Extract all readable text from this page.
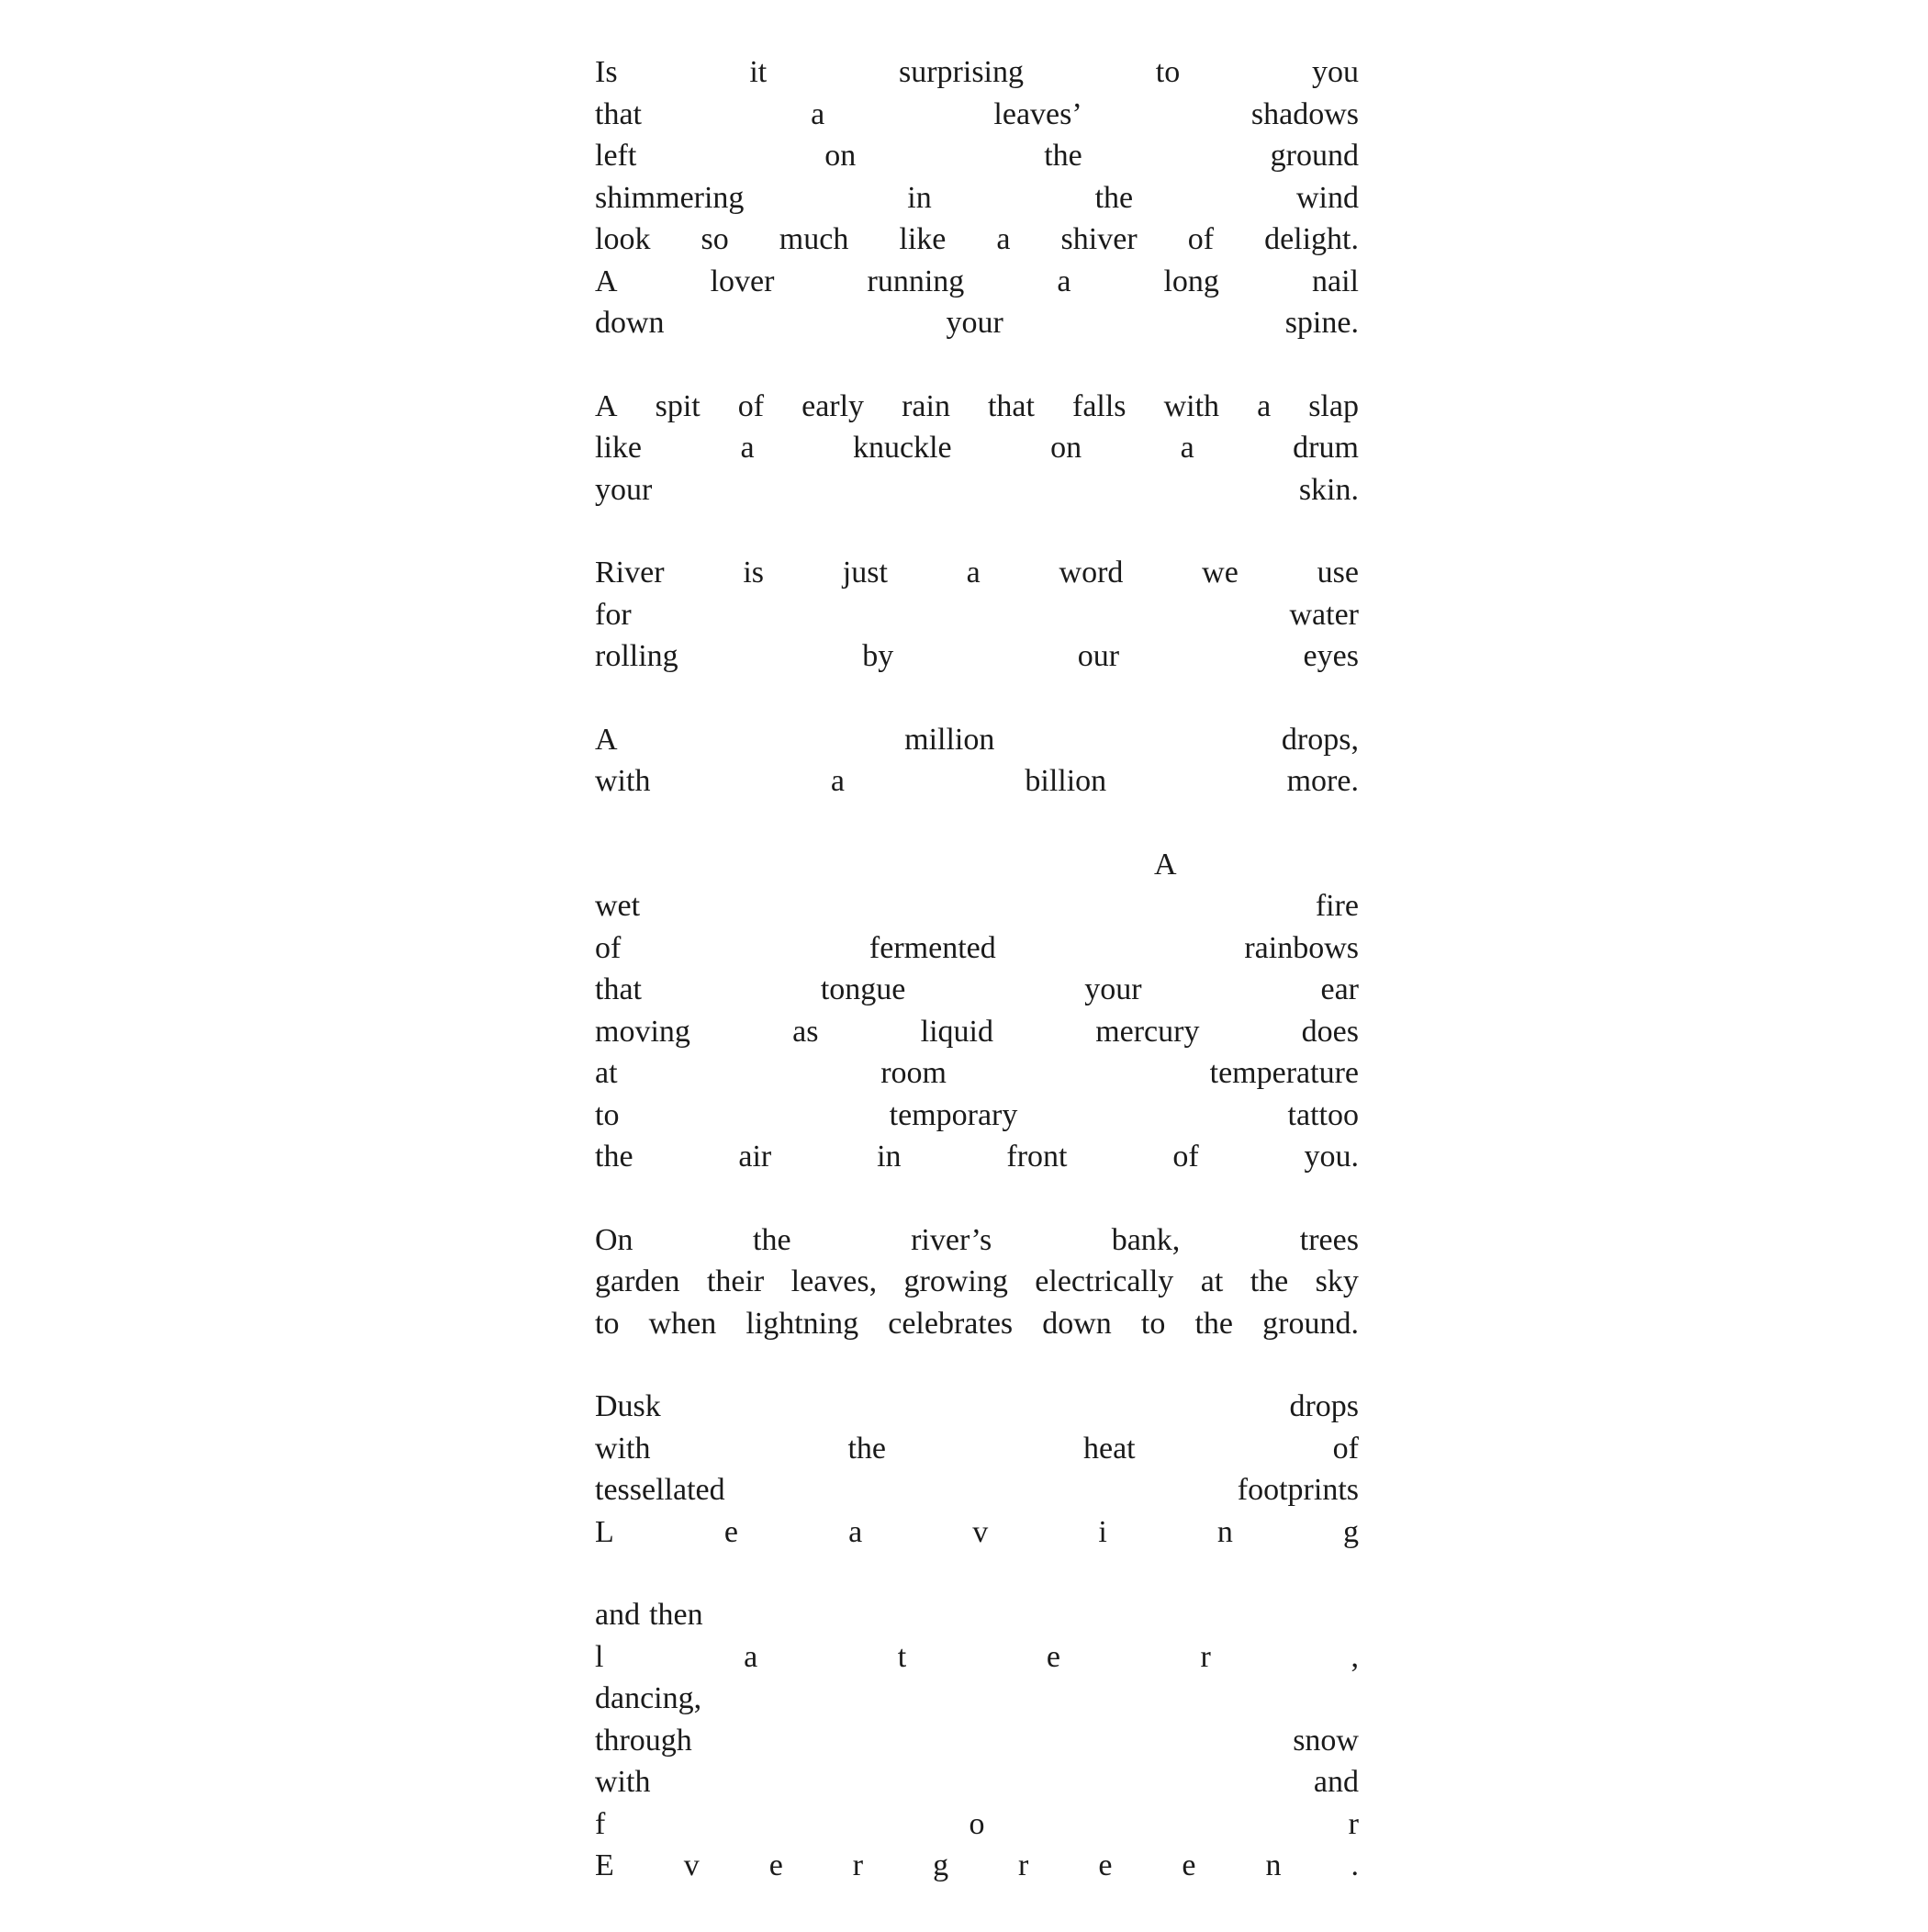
Is	it	surprising	to	you
that	a	leaves’	shadows
left	on	the	ground
shimmering	in	the	wind
look so much like a shiver of delight.
A	lover	running	a	long	nail
down	your	spine.
A spit of early rain that falls with a slap
like	a	knuckle	on	a	drum
your	skin.
River	is	just	a	word	we	use
for	water
rolling	by	our	eyes
A	million	drops,
with	a	billion	more.
A
wet	fire
of	fermented	rainbows
that	tongue	your	ear
moving	as	liquid	mercury	does
at	room	temperature
to	temporary	tattoo
the	air	in	front	of	you.
On	the	river’s	bank,	trees
garden their leaves, growing electrically at the sky
to when lightning celebrates down to the ground.
Dusk	drops
with	the	heat	of
tessellated	footprints
L	e	a	v	i	n	g
and then
l	a	t	e	r	,
dancing,
through	snow
with	and
f	o	r
E v e r g r e e n .
